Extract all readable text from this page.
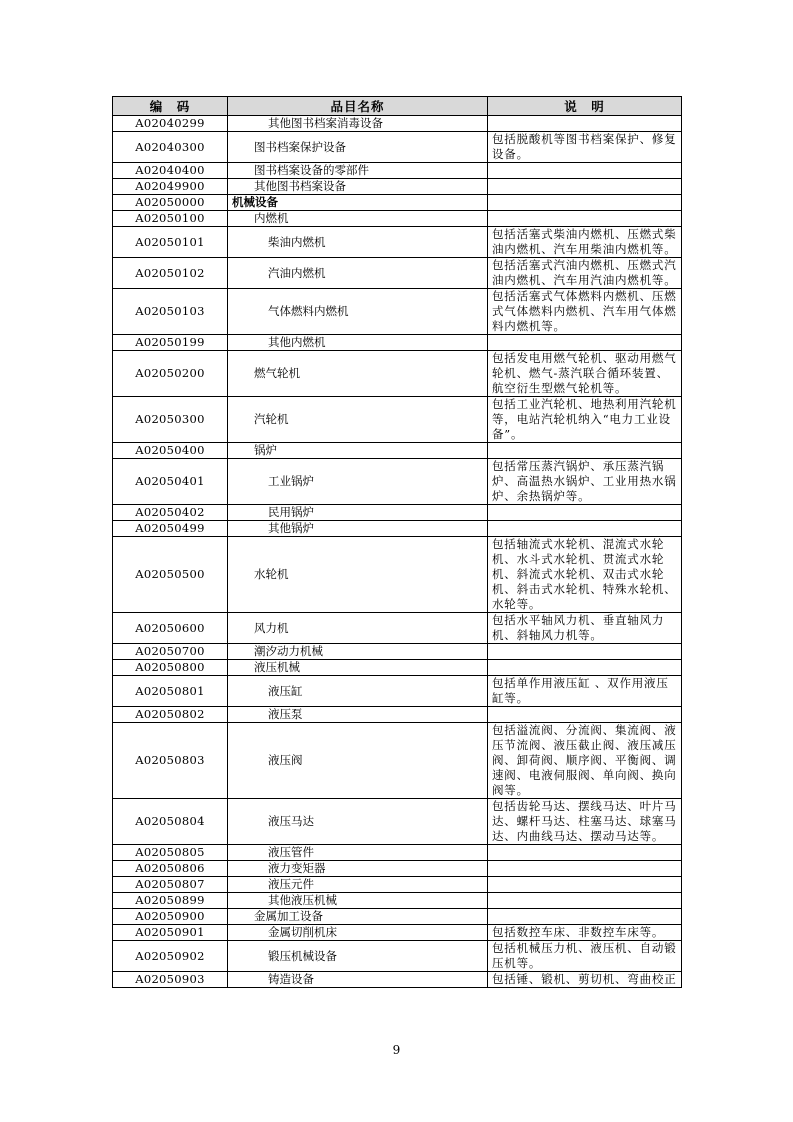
编　码	品目名称	说　明
A02040299	其他图书档案消毒设备	
A02040300	图书档案保护设备	包括脱酸机等图书档案保护、修复设备。
A02040400	图书档案设备的零部件	
A02049900	其他图书档案设备	
A02050000	机械设备	
A02050100	内燃机	
A02050101	柴油内燃机	包括活塞式柴油内燃机、压燃式柴油内燃机、汽车用柴油内燃机等。
A02050102	汽油内燃机	包括活塞式汽油内燃机、压燃式汽油内燃机、汽车用汽油内燃机等。
A02050103	气体燃料内燃机	包括活塞式气体燃料内燃机、压燃式气体燃料内燃机、汽车用气体燃料内燃机等。
A02050199	其他内燃机	
A02050200	燃气轮机	包括发电用燃气轮机、驱动用燃气轮机、燃气-蒸汽联合循环装置、航空衍生型燃气轮机等。
A02050300	汽轮机	包括工业汽轮机、地热利用汽轮机等，电站汽轮机纳入“电力工业设备”。
A02050400	锅炉	
A02050401	工业锅炉	包括常压蒸汽锅炉、承压蒸汽锅炉、高温热水锅炉、工业用热水锅炉、余热锅炉等。
A02050402	民用锅炉	
A02050499	其他锅炉	
A02050500	水轮机	包括轴流式水轮机、混流式水轮机、水斗式水轮机、贯流式水轮机、斜流式水轮机、双击式水轮机、斜击式水轮机、特殊水轮机、水轮等。
A02050600	风力机	包括水平轴风力机、垂直轴风力机、斜轴风力机等。
A02050700	潮汐动力机械	
A02050800	液压机械	
A02050801	液压缸	包括单作用液压缸 、双作用液压缸等。
A02050802	液压泵	
A02050803	液压阀	包括溢流阀、分流阀、集流阀、液压节流阀、液压截止阀、液压减压阀、卸荷阀、顺序阀、平衡阀、调速阀、电液伺服阀、单向阀、换向阀等。
A02050804	液压马达	包括齿轮马达、摆线马达、叶片马达、螺杆马达、柱塞马达、球塞马达、内曲线马达、摆动马达等。
A02050805	液压管件	
A02050806	液力变矩器	
A02050807	液压元件	
A02050899	其他液压机械	
A02050900	金属加工设备	
A02050901	金属切削机床	包括数控车床、非数控车床等。
A02050902	锻压机械设备	包括机械压力机、液压机、自动锻压机等。
A02050903	铸造设备	包括锤、锻机、剪切机、弯曲校正
9
